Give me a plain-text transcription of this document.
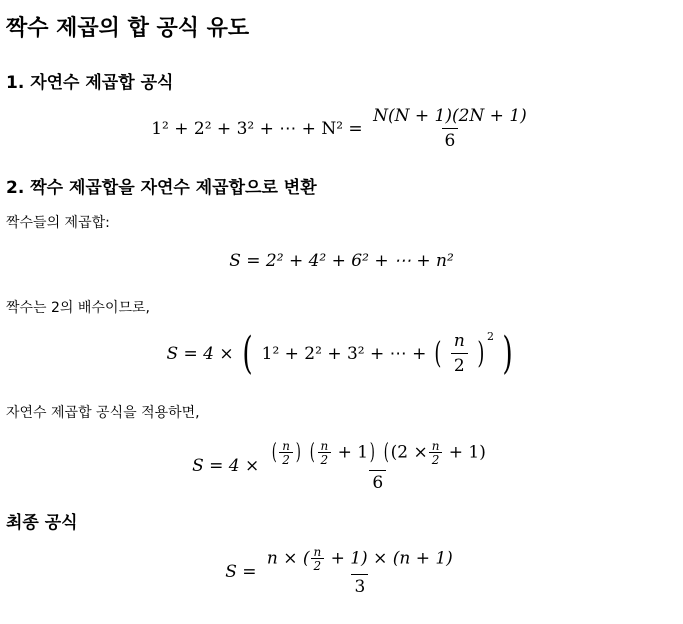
짝수 제곱의 합 공식 유도
1. 자연수 제곱합 공식
1² + 2² + 3² + ⋯ + $N^2 = \frac{N(N + 1)(2N + 1)}{6}$
2. 짝수 제곱합을 자연수 제곱합으로 변환

짝수들의 제곱합:

S = 2² + 4² + 6² + ⋯ + n²

짝수는 2의 배수이므로,

S = 4 × ( 1² + 2² + 3² + ⋯ + ( $\frac{n}{2}$ ) $^2$ )

자연수 제곱합 공식을 적용하면,

$S = 4 \times \frac{( \frac{n}{2} ) ( \frac{n}{2} + 1) ( (2 \times \frac{n}{2} + 1)}{6}$
최종 공식
$S = \frac{n \times ( \frac{n}{2} + 1) \times (n + 1)}{3}$
